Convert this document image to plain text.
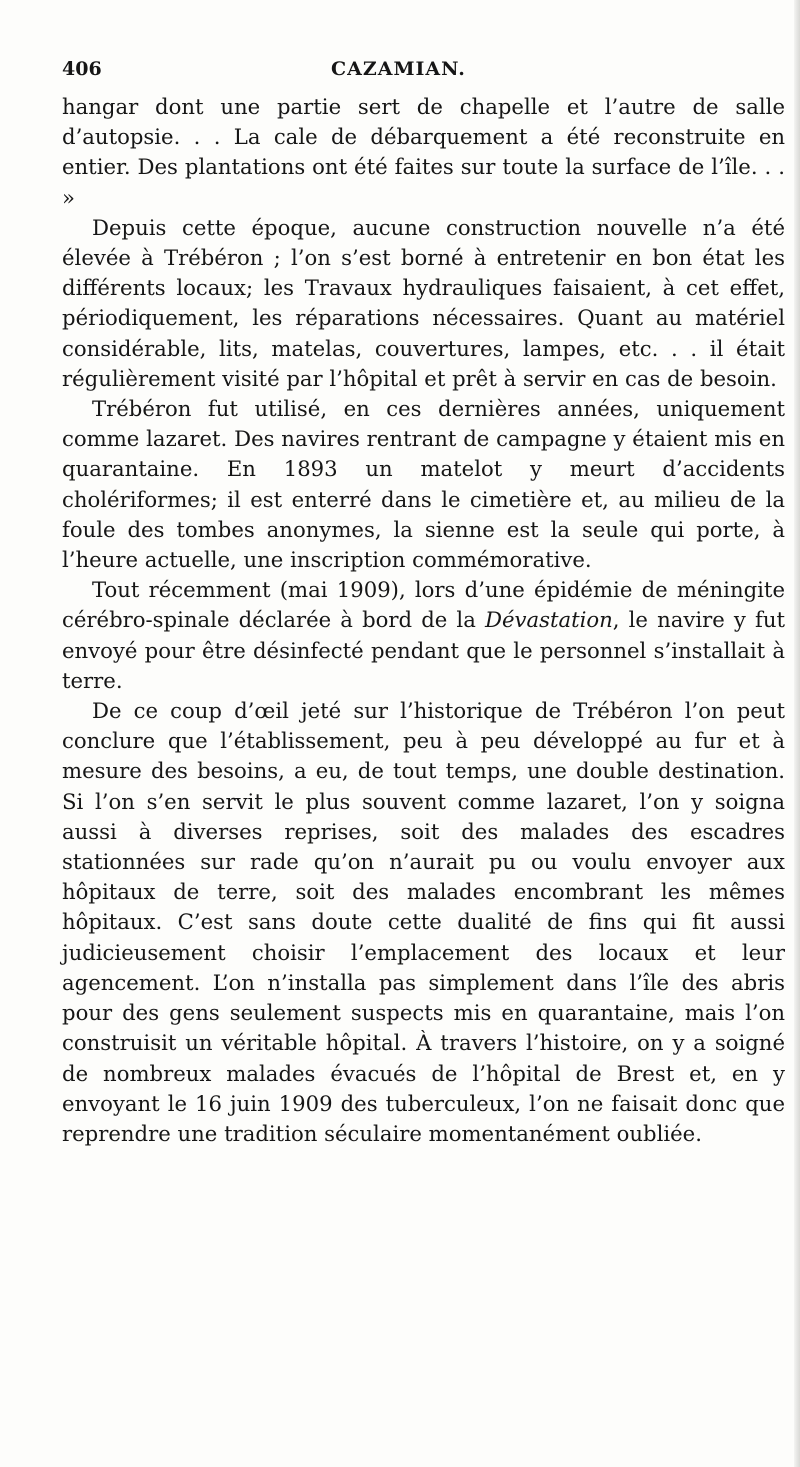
406	CAZAMIAN.

hangar dont une partie sert de chapelle et l’autre de salle d’autopsie. . . La cale de débarquement a été reconstruite en entier. Des plantations ont été faites sur toute la surface de l’île. . . »

Depuis cette époque, aucune construction nouvelle n’a été élevée à Trébéron ; l’on s’est borné à entretenir en bon état les différents locaux; les Travaux hydrauliques faisaient, à cet effet, périodiquement, les réparations nécessaires. Quant au matériel considérable, lits, matelas, couvertures, lampes, etc. . . il était régulièrement visité par l’hôpital et prêt à servir en cas de besoin.

Trébéron fut utilisé, en ces dernières années, uniquement comme lazaret. Des navires rentrant de campagne y étaient mis en quarantaine. En 1893 un matelot y meurt d’accidents cholériformes; il est enterré dans le cimetière et, au milieu de la foule des tombes anonymes, la sienne est la seule qui porte, à l’heure actuelle, une inscription commémorative.

Tout récemment (mai 1909), lors d’une épidémie de méningite cérébro-spinale déclarée à bord de la Dévastation, le navire y fut envoyé pour être désinfecté pendant que le personnel s’installait à terre.

De ce coup d’œil jeté sur l’historique de Trébéron l’on peut conclure que l’établissement, peu à peu développé au fur et à mesure des besoins, a eu, de tout temps, une double destination. Si l’on s’en servit le plus souvent comme lazaret, l’on y soigna aussi à diverses reprises, soit des malades des escadres stationnées sur rade qu’on n’aurait pu ou voulu envoyer aux hôpitaux de terre, soit des malades encombrant les mêmes hôpitaux. C’est sans doute cette dualité de fins qui fit aussi judicieusement choisir l’emplacement des locaux et leur agencement. L’on n’installa pas simplement dans l’île des abris pour des gens seulement suspects mis en quarantaine, mais l’on construisit un véritable hôpital. À travers l’histoire, on y a soigné de nombreux malades évacués de l’hôpital de Brest et, en y envoyant le 16 juin 1909 des tuberculeux, l’on ne faisait donc que reprendre une tradition séculaire momentanément oubliée.
